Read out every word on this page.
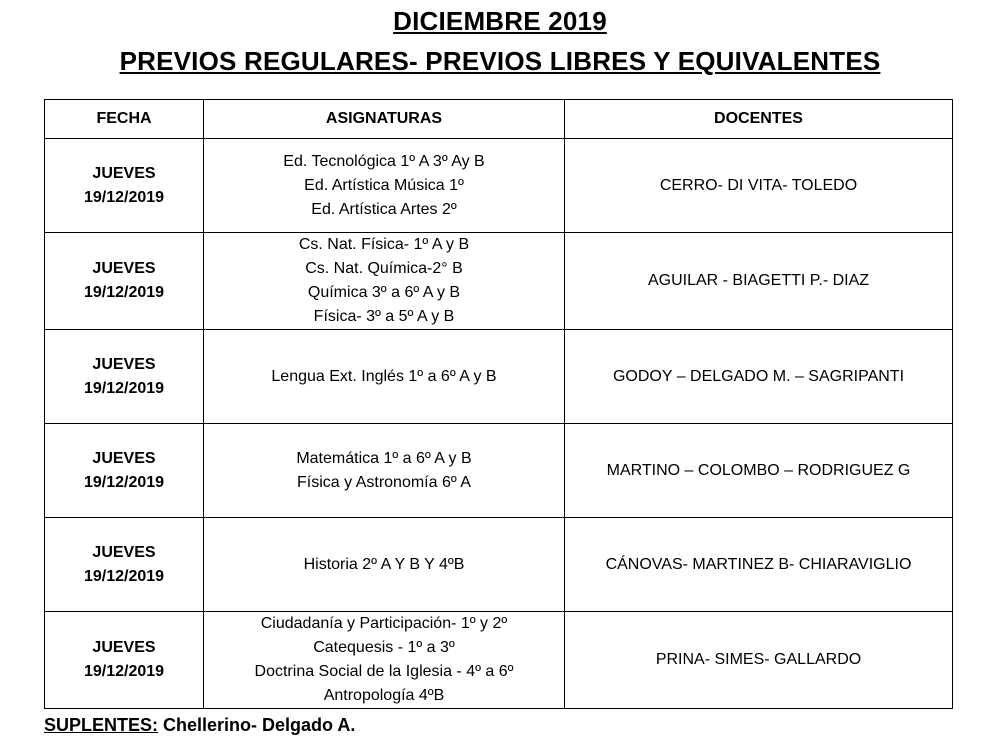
DICIEMBRE 2019
PREVIOS REGULARES- PREVIOS LIBRES Y EQUIVALENTES
FECHA	ASIGNATURAS	DOCENTES

JUEVES
19/12/2019	Ed. Tecnológica 1º A 3º Ay B
Ed. Artística Música 1º
Ed. Artística Artes 2º	CERRO- DI VITA- TOLEDO

JUEVES
19/12/2019	Cs. Nat. Física- 1º A y B
Cs. Nat. Química-2° B
Química 3º a 6º A y B
Física- 3º a 5º A y B	AGUILAR - BIAGETTI P.- DIAZ

JUEVES
19/12/2019	Lengua Ext. Inglés 1º a 6º A y B	GODOY – DELGADO M. – SAGRIPANTI

JUEVES
19/12/2019	Matemática 1º a 6º A y B
Física y Astronomía 6º A	MARTINO – COLOMBO – RODRIGUEZ G

JUEVES
19/12/2019	Historia 2º A Y B Y 4ºB	CÁNOVAS- MARTINEZ B- CHIARAVIGLIO

JUEVES
19/12/2019	Ciudadanía y Participación- 1º y 2º
Catequesis - 1º a 3º
Doctrina Social de la Iglesia - 4º a 6º
Antropología 4ºB	PRINA- SIMES- GALLARDO
SUPLENTES: Chellerino- Delgado A.
